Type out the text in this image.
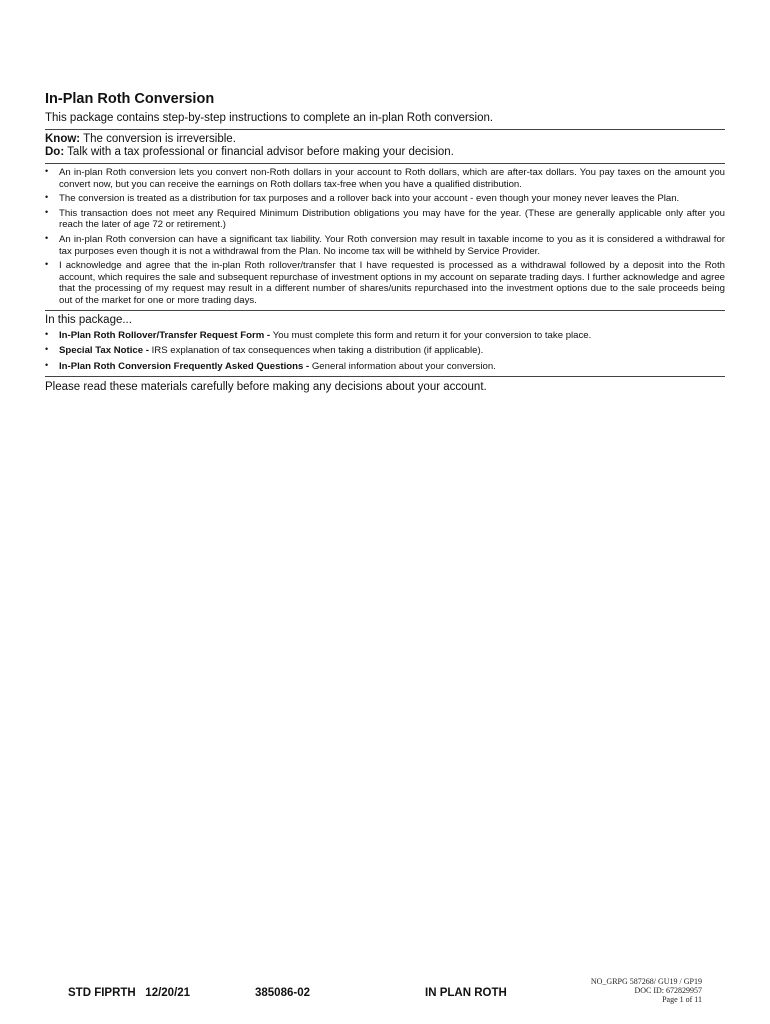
In-Plan Roth Conversion
This package contains step-by-step instructions to complete an in-plan Roth conversion.
Know: The conversion is irreversible.
Do: Talk with a tax professional or financial advisor before making your decision.
• An in-plan Roth conversion lets you convert non-Roth dollars in your account to Roth dollars, which are after-tax dollars. You pay taxes on the amount you convert now, but you can receive the earnings on Roth dollars tax-free when you have a qualified distribution.
• The conversion is treated as a distribution for tax purposes and a rollover back into your account - even though your money never leaves the Plan.
• This transaction does not meet any Required Minimum Distribution obligations you may have for the year. (These are generally applicable only after you reach the later of age 72 or retirement.)
• An in-plan Roth conversion can have a significant tax liability. Your Roth conversion may result in taxable income to you as it is considered a withdrawal for tax purposes even though it is not a withdrawal from the Plan. No income tax will be withheld by Service Provider.
• I acknowledge and agree that the in-plan Roth rollover/transfer that I have requested is processed as a withdrawal followed by a deposit into the Roth account, which requires the sale and subsequent repurchase of investment options in my account on separate trading days. I further acknowledge and agree that the processing of my request may result in a different number of shares/units repurchased into the investment options due to the sale proceeds being out of the market for one or more trading days.
In this package...
• In-Plan Roth Rollover/Transfer Request Form - You must complete this form and return it for your conversion to take place.
• Special Tax Notice - IRS explanation of tax consequences when taking a distribution (if applicable).
• In-Plan Roth Conversion Frequently Asked Questions - General information about your conversion.
Please read these materials carefully before making any decisions about your account.
STD FIPRTH   12/20/21	385086-02	IN PLAN ROTH
NO_GRPG 587268/ GU19 / GP19
DOC ID: 672829957
Page 1 of 11
